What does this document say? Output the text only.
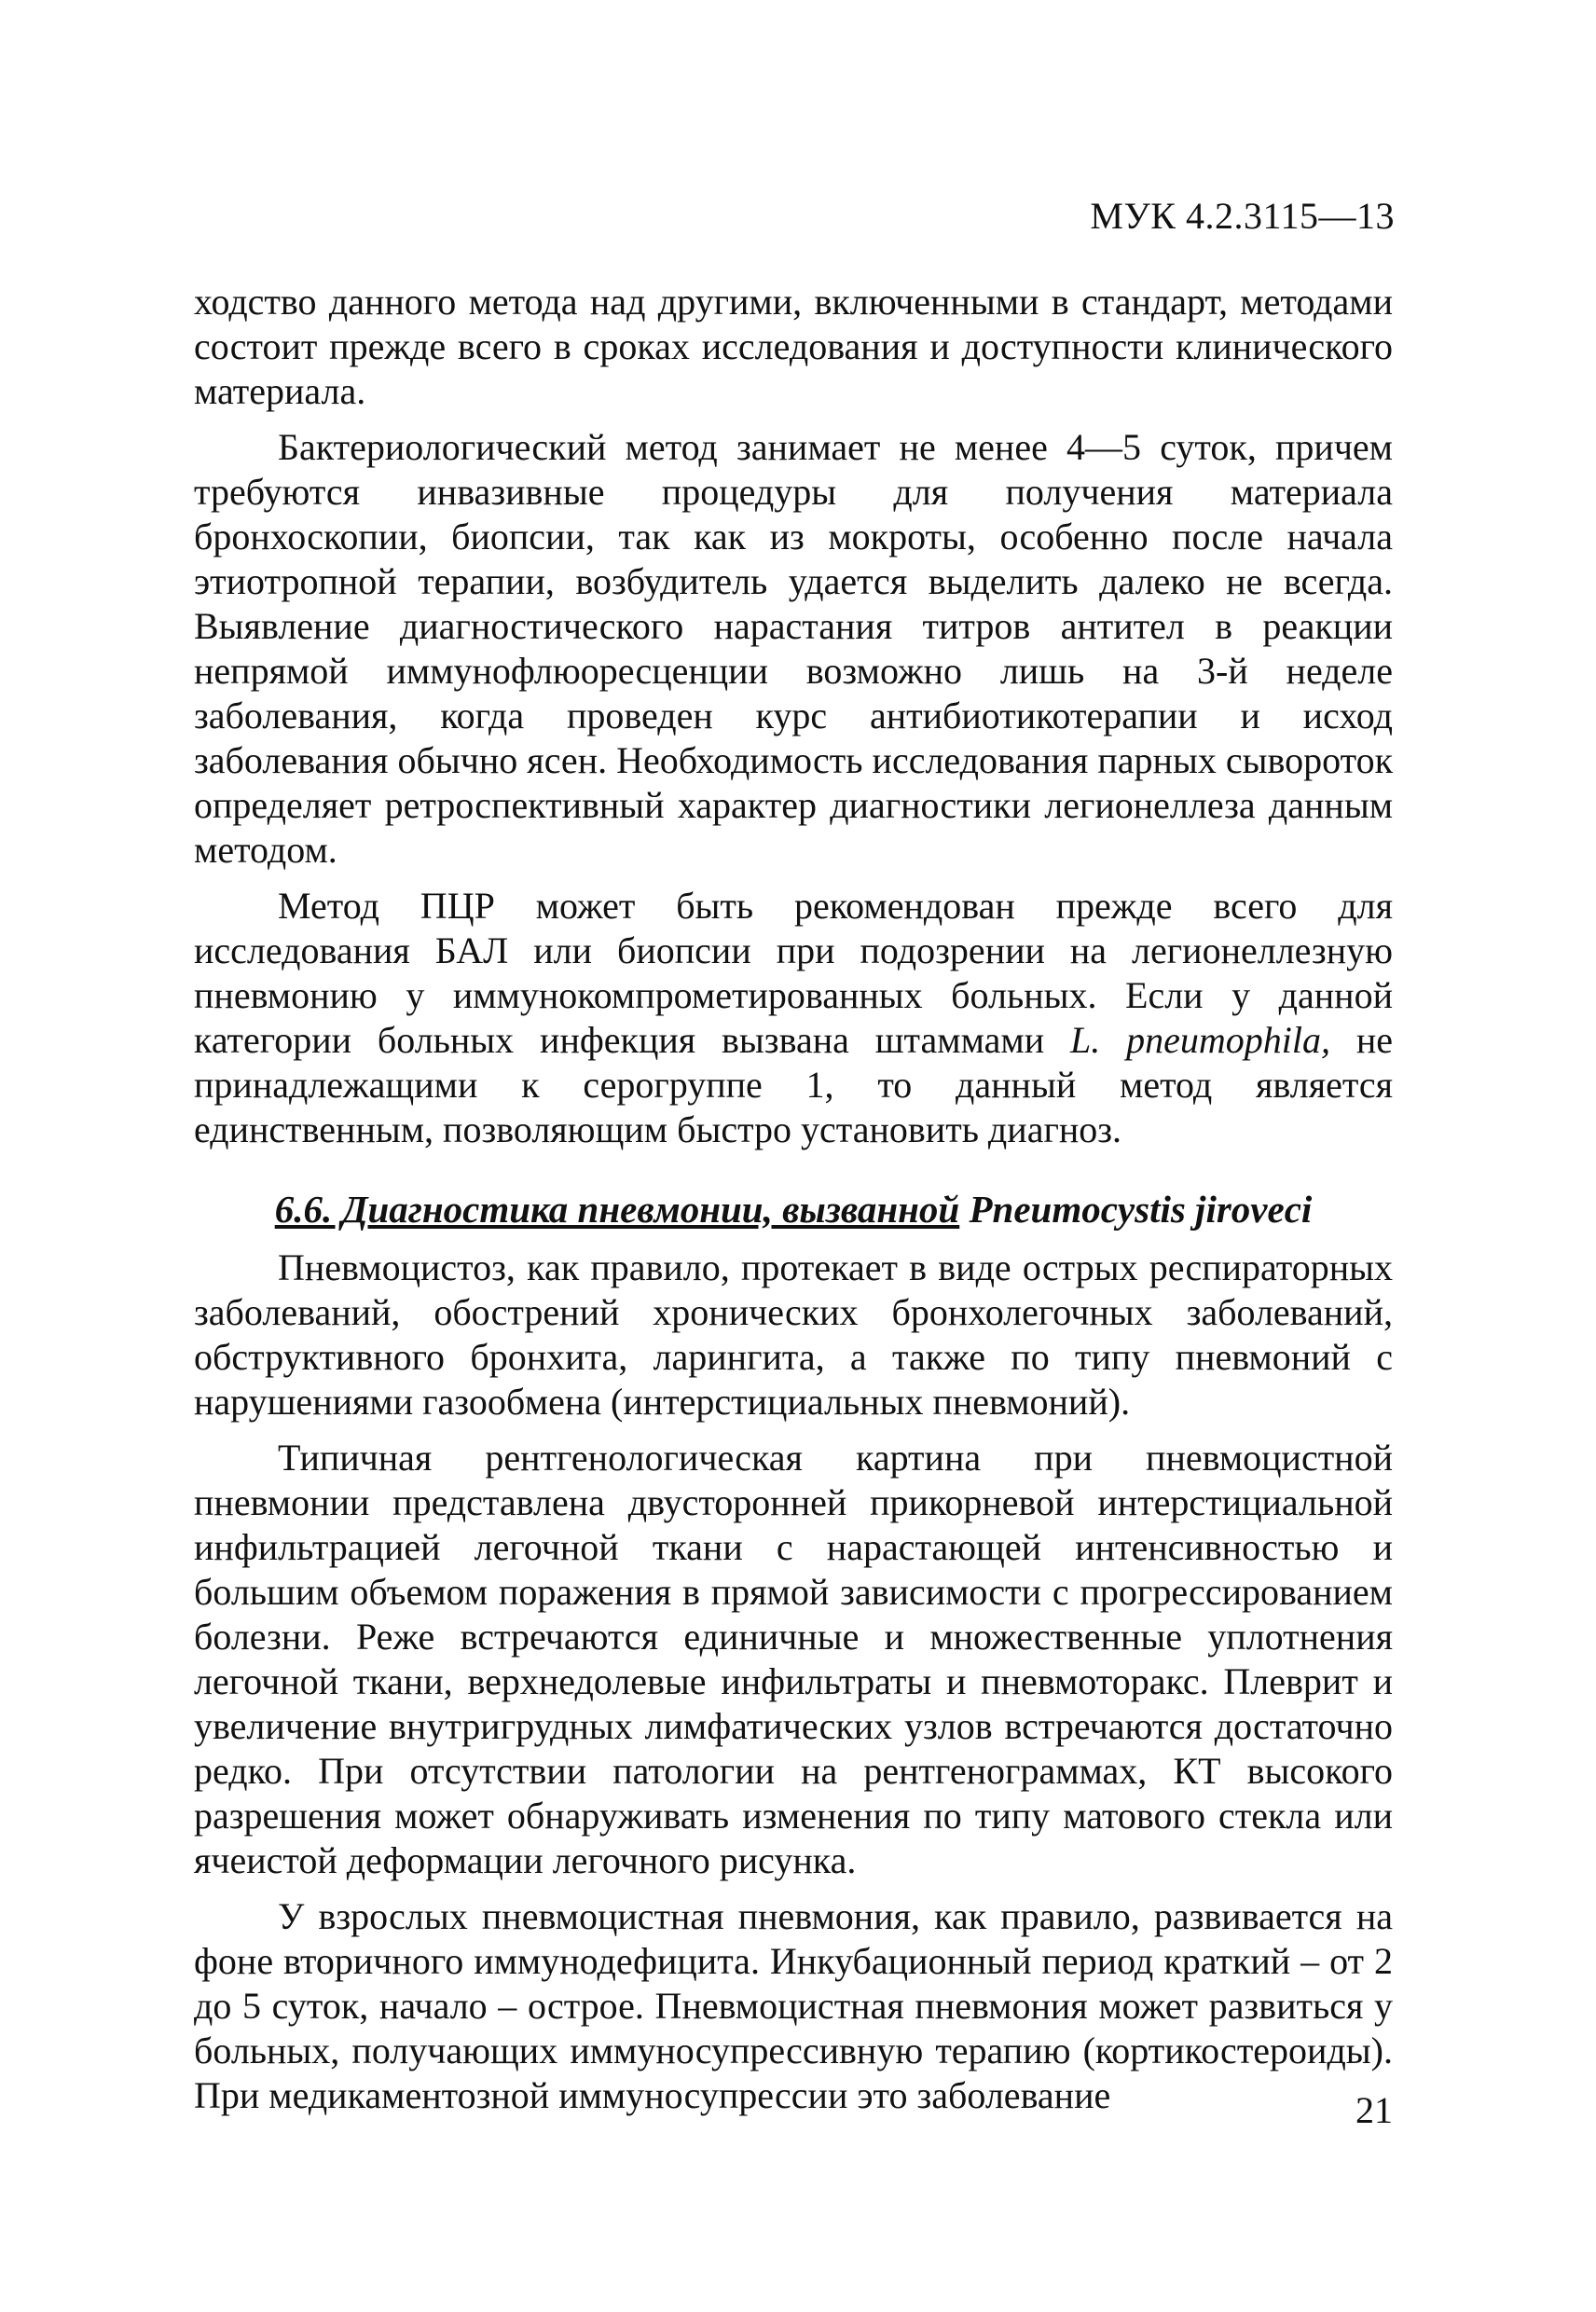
МУК 4.2.3115—13

ходство данного метода над другими, включенными в стандарт, методами состоит прежде всего в сроках исследования и доступности клинического материала.

Бактериологический метод занимает не менее 4—5 суток, причем требуются инвазивные процедуры для получения материала бронхоскопии, биопсии, так как из мокроты, особенно после начала этиотропной терапии, возбудитель удается выделить далеко не всегда. Выявление диагностического нарастания титров антител в реакции непрямой иммунофлюоресценции возможно лишь на 3-й неделе заболевания, когда проведен курс антибиотикотерапии и исход заболевания обычно ясен. Необходимость исследования парных сывороток определяет ретроспективный характер диагностики легионеллеза данным методом.

Метод ПЦР может быть рекомендован прежде всего для исследования БАЛ или биопсии при подозрении на легионеллезную пневмонию у иммунокомпрометированных больных. Если у данной категории больных инфекция вызвана штаммами L. pneumophila, не принадлежащими к серогруппе 1, то данный метод является единственным, позволяющим быстро установить диагноз.

6.6. Диагностика пневмонии, вызванной Pneumocystis jiroveci

Пневмоцистоз, как правило, протекает в виде острых респираторных заболеваний, обострений хронических бронхолегочных заболеваний, обструктивного бронхита, ларингита, а также по типу пневмоний с нарушениями газообмена (интерстициальных пневмоний).

Типичная рентгенологическая картина при пневмоцистной пневмонии представлена двусторонней прикорневой интерстициальной инфильтрацией легочной ткани с нарастающей интенсивностью и большим объемом поражения в прямой зависимости с прогрессированием болезни. Реже встречаются единичные и множественные уплотнения легочной ткани, верхнедолевые инфильтраты и пневмоторакс. Плеврит и увеличение внутригрудных лимфатических узлов встречаются достаточно редко. При отсутствии патологии на рентгенограммах, КТ высокого разрешения может обнаруживать изменения по типу матового стекла или ячеистой деформации легочного рисунка.

У взрослых пневмоцистная пневмония, как правило, развивается на фоне вторичного иммунодефицита. Инкубационный период краткий – от 2 до 5 суток, начало – острое. Пневмоцистная пневмония может развиться у больных, получающих иммуносупрессивную терапию (кортикостероиды). При медикаментозной иммуносупрессии это заболевание	21
